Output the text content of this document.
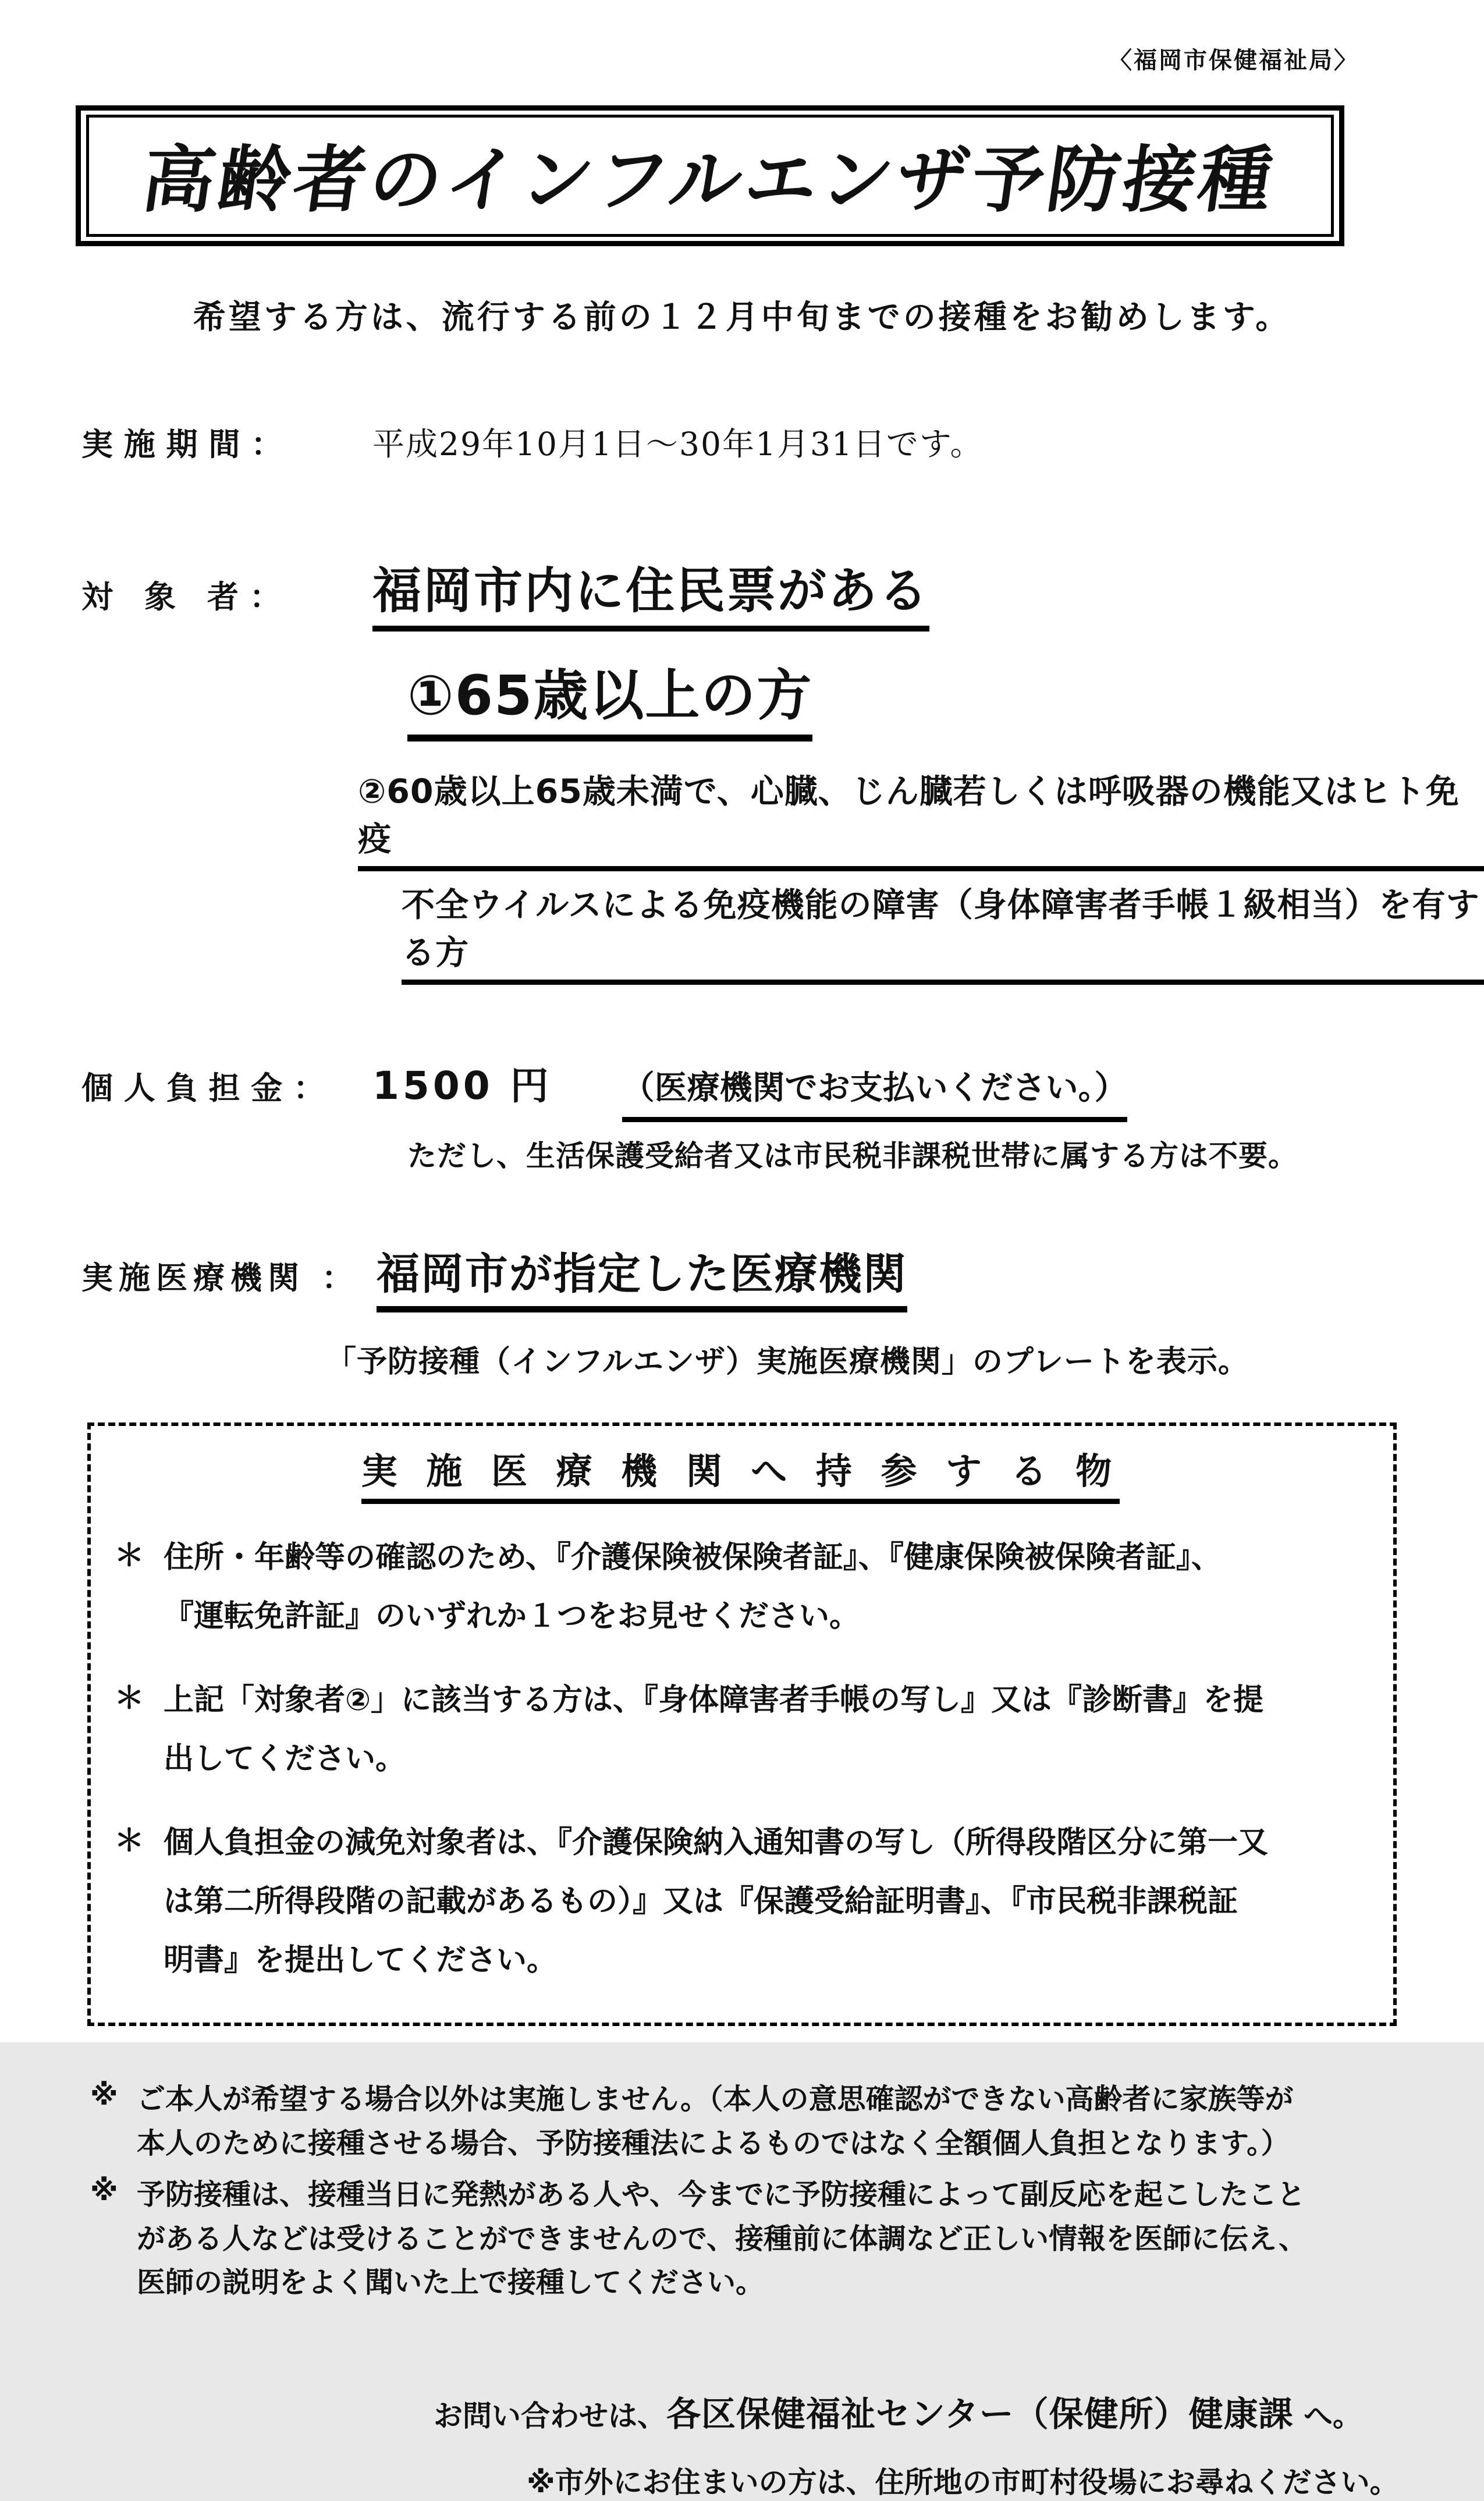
〈福岡市保健福祉局〉
高齢者のインフルエンザ予防接種
希望する方は、流行する前の１２月中旬までの接種をお勧めします。
実 施 期 間 ：	平成29年10月1日～30年1月31日です。
対　象　者 ： 福岡市内に住民票がある
①65歳以上の方
②60歳以上65歳未満で、心臓、じん臓若しくは呼吸器の機能又はヒト免疫
不全ウイルスによる免疫機能の障害（身体障害者手帳１級相当）を有する方
個 人 負 担 金 ： 1500 円 （医療機関でお支払いください。）
ただし、生活保護受給者又は市民税非課税世帯に属する方は不要。
実施医療機関 ： 福岡市が指定した医療機関
「予防接種（インフルエンザ）実施医療機関」のプレートを表示。
実 施 医 療 機 関 へ 持 参 す る 物
＊ 住所・年齢等の確認のため、『介護保険被保険者証』、『健康保険被保険者証』、
『運転免許証』のいずれか１つをお見せください。
＊ 上記「対象者②」に該当する方は、『身体障害者手帳の写し』又は『診断書』を提
出してください。
＊ 個人負担金の減免対象者は、『介護保険納入通知書の写し（所得段階区分に第一又
は第二所得段階の記載があるもの）』又は『保護受給証明書』、『市民税非課税証
明書』を提出してください。
※ ご本人が希望する場合以外は実施しません。（本人の意思確認ができない高齢者に家族等が
本人のために接種させる場合、予防接種法によるものではなく全額個人負担となります。）
※ 予防接種は、接種当日に発熱がある人や、今までに予防接種によって副反応を起こしたこと
がある人などは受けることができませんので、接種前に体調など正しい情報を医師に伝え、
医師の説明をよく聞いた上で接種してください。
お問い合わせは、各区保健福祉センター（保健所）健康課 へ。
※市外にお住まいの方は、住所地の市町村役場にお尋ねください。
